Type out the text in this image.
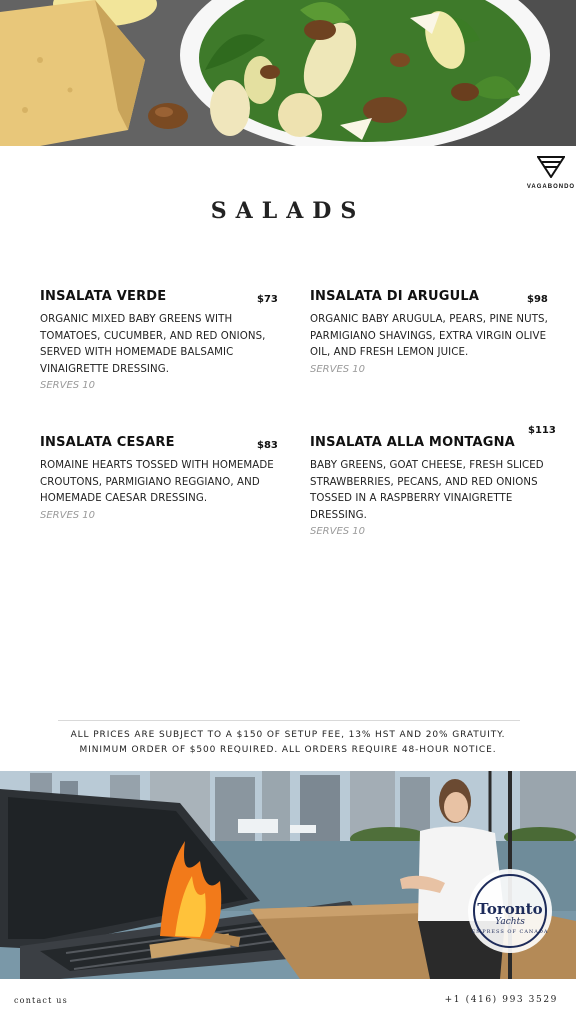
VAGABONDO
SALADS
INSALATA VERDE
ORGANIC MIXED BABY GREENS WITH TOMATOES, CUCUMBER, AND RED ONIONS, SERVED WITH HOMEMADE BALSAMIC VINAIGRETTE DRESSING.
SERVES 10
$73 INSALATA DI ARUGULA
ORGANIC BABY ARUGULA, PEARS, PINE NUTS, PARMIGIANO SHAVINGS, EXTRA VIRGIN OLIVE OIL, AND FRESH LEMON JUICE.
SERVES 10
$98
INSALATA CESARE
ROMAINE HEARTS TOSSED WITH HOMEMADE CROUTONS, PARMIGIANO REGGIANO, AND HOMEMADE CAESAR DRESSING.
SERVES 10
$83 INSALATA ALLA MONTAGNA
BABY GREENS, GOAT CHEESE, FRESH SLICED STRAWBERRIES, PECANS, AND RED ONIONS TOSSED IN A RASPBERRY VINAIGRETTE DRESSING.
SERVES 10
$113

ALL PRICES ARE SUBJECT TO A $150 OF SETUP FEE, 13% HST AND 20% GRATUITY.

MINIMUM ORDER OF $500 REQUIRED. ALL ORDERS REQUIRE 48-HOUR NOTICE.

Toronto
Yachts
EMPRESS OF CANADA
contact us	+1 (416) 993 3529
